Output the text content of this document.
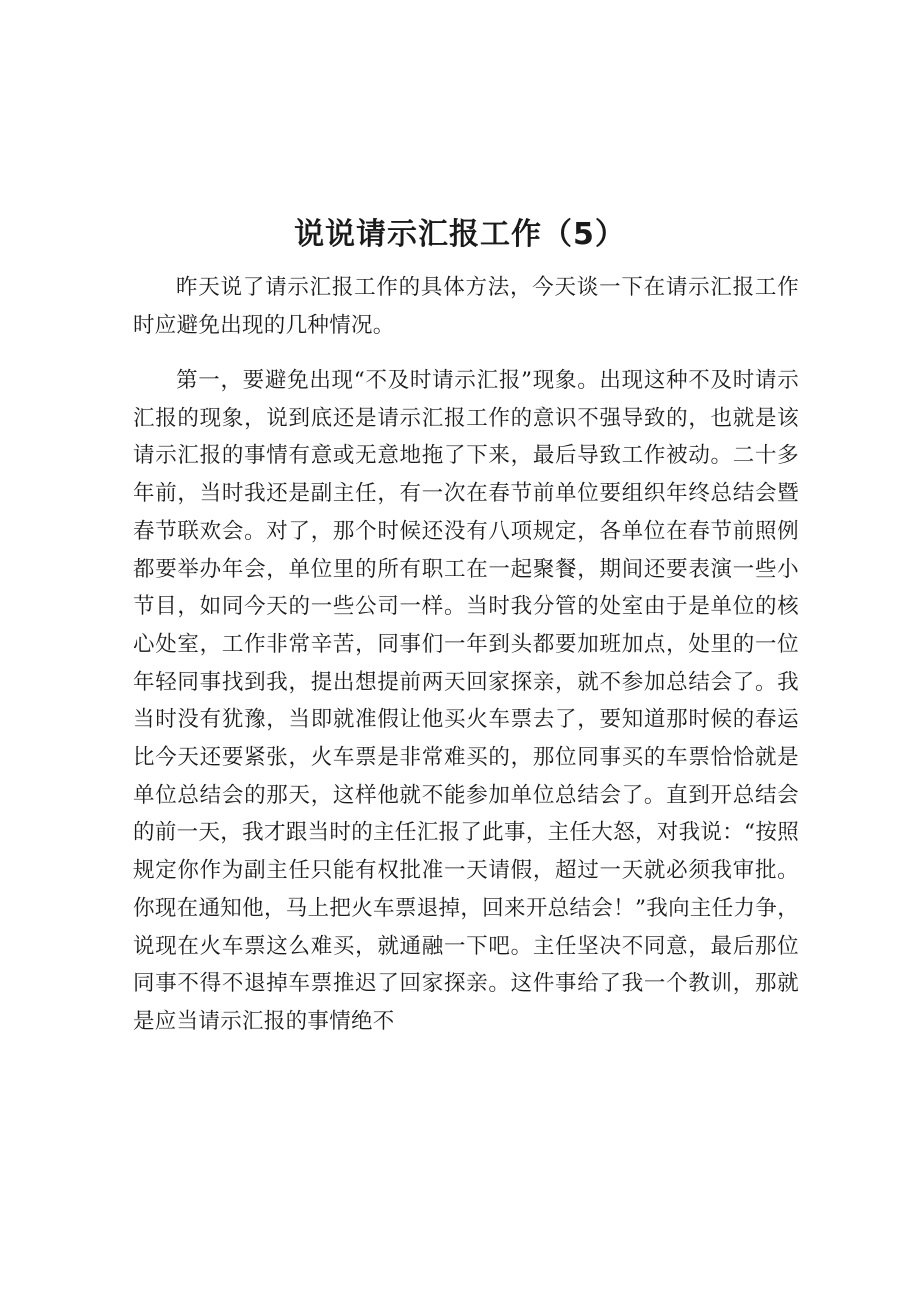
说说请示汇报工作（5）

昨天说了请示汇报工作的具体方法，今天谈一下在请示汇报工作时应避免出现的几种情况。

第一，要避免出现“不及时请示汇报”现象。出现这种不及时请示汇报的现象，说到底还是请示汇报工作的意识不强导致的，也就是该请示汇报的事情有意或无意地拖了下来，最后导致工作被动。二十多年前，当时我还是副主任，有一次在春节前单位要组织年终总结会暨春节联欢会。对了，那个时候还没有八项规定，各单位在春节前照例都要举办年会，单位里的所有职工在一起聚餐，期间还要表演一些小节目，如同今天的一些公司一样。当时我分管的处室由于是单位的核心处室，工作非常辛苦，同事们一年到头都要加班加点，处里的一位年轻同事找到我，提出想提前两天回家探亲，就不参加总结会了。我当时没有犹豫，当即就准假让他买火车票去了，要知道那时候的春运比今天还要紧张，火车票是非常难买的，那位同事买的车票恰恰就是单位总结会的那天，这样他就不能参加单位总结会了。直到开总结会的前一天，我才跟当时的主任汇报了此事，主任大怒，对我说：“按照规定你作为副主任只能有权批准一天请假，超过一天就必须我审批。你现在通知他，马上把火车票退掉，回来开总结会！”我向主任力争，说现在火车票这么难买，就通融一下吧。主任坚决不同意，最后那位同事不得不退掉车票推迟了回家探亲。这件事给了我一个教训，那就是应当请示汇报的事情绝不
